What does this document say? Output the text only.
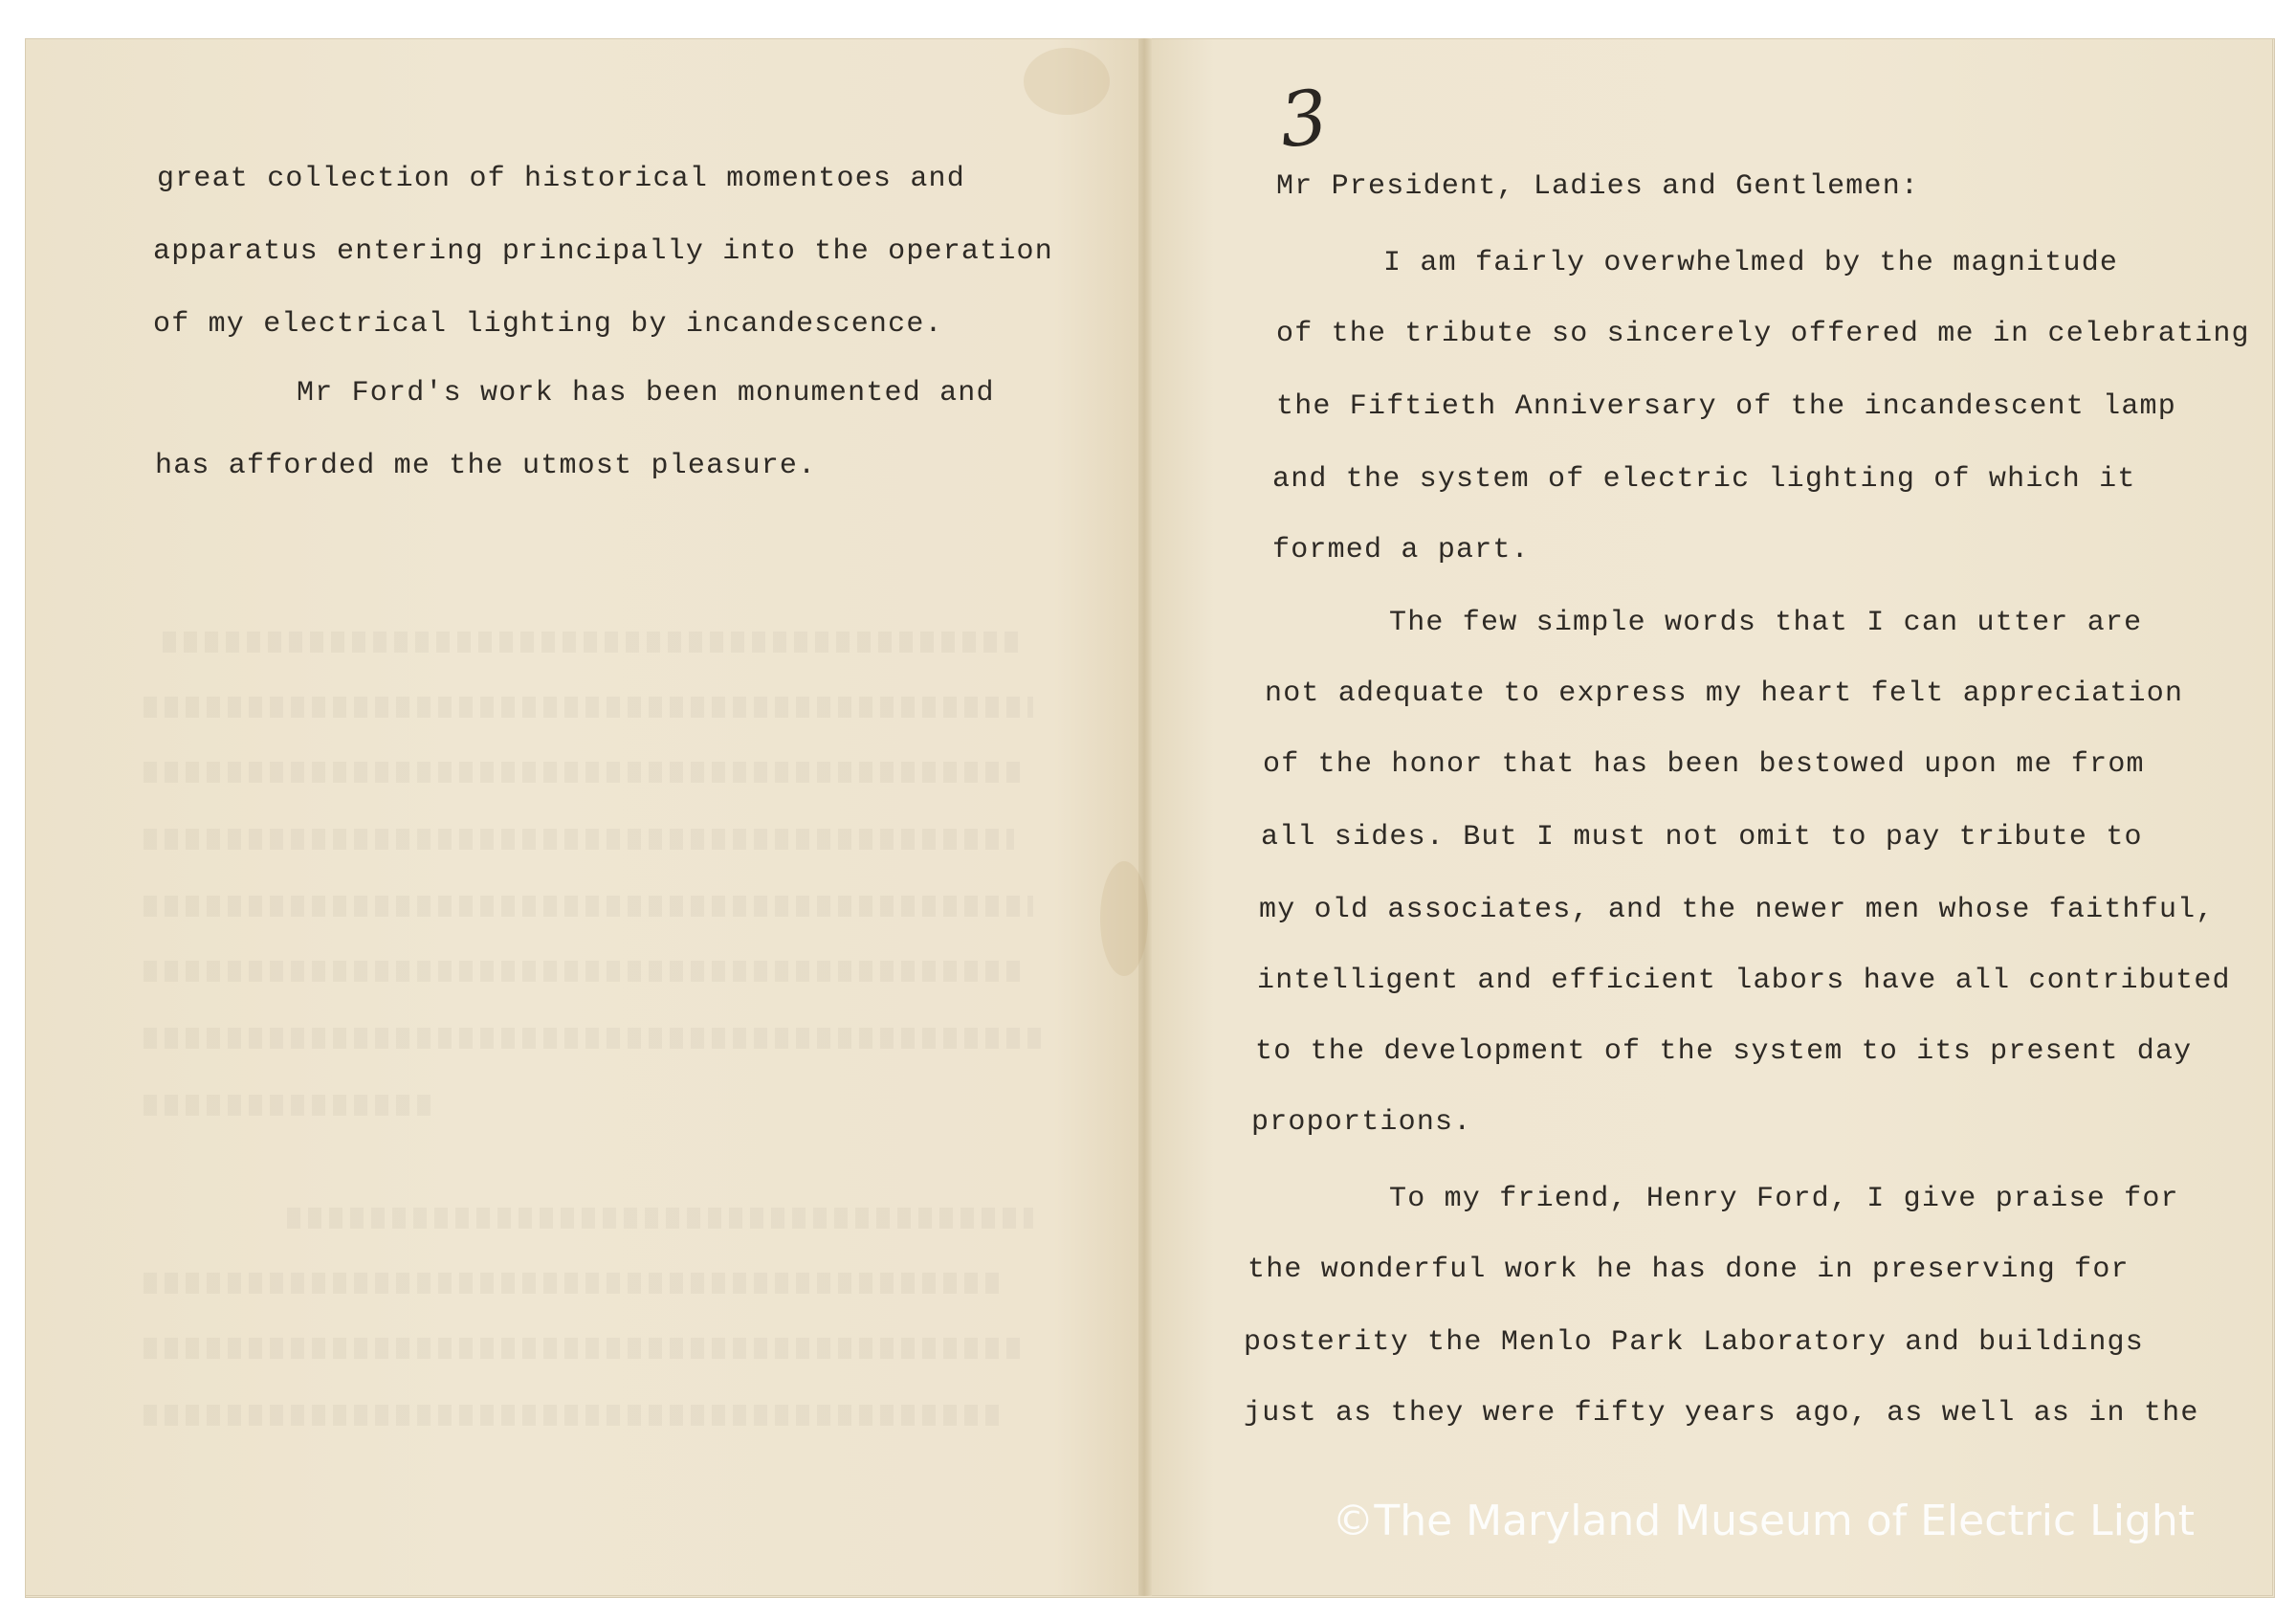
great collection of historical momentoes and

apparatus entering principally into the operation

of my electrical lighting by incandescence.

Mr Ford's work has been monumented and

has afforded me the utmost pleasure.

3

Mr President, Ladies and Gentlemen:

I am fairly overwhelmed by the magnitude

of the tribute so sincerely offered me in celebrating

the Fiftieth Anniversary of the incandescent lamp

and the system of electric lighting of which it

formed a part.

The few simple words that I can utter are

not adequate to express my heart felt appreciation

of the honor that has been bestowed upon me from

all sides. But I must not omit to pay tribute to

my old associates, and the newer men whose faithful,

intelligent and efficient labors have all contributed

to the development of the system to its present day

proportions.

To my friend, Henry Ford, I give praise for

the wonderful work he has done in preserving for

posterity the Menlo Park Laboratory and buildings

just as they were fifty years ago, as well as in the

©The Maryland Museum of Electric Light
